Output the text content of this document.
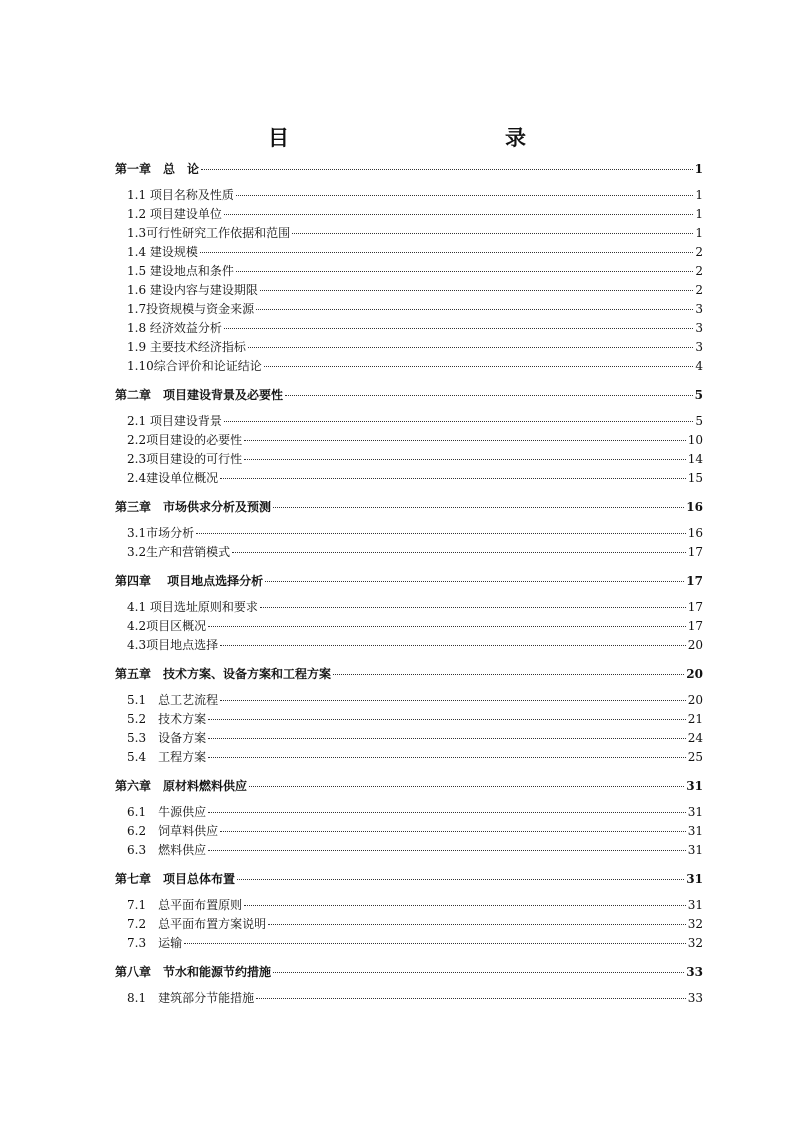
目　　录
第一章　总　论	1
1.1 项目名称及性质	1
1.2 项目建设单位	1
1.3可行性研究工作依据和范围	1
1.4 建设规模	2
1.5 建设地点和条件	2
1.6 建设内容与建设期限	2
1.7投资规模与资金来源	3
1.8 经济效益分析	3
1.9 主要技术经济指标	3
1.10综合评价和论证结论	4
第二章　项目建设背景及必要性	5
2.1 项目建设背景	5
2.2项目建设的必要性	10
2.3项目建设的可行性	14
2.4建设单位概况	15
第三章　市场供求分析及预测	16
3.1市场分析	16
3.2生产和营销模式	17
第四章　 项目地点选择分析	17
4.1 项目选址原则和要求	17
4.2项目区概况	17
4.3项目地点选择	20
第五章　技术方案、设备方案和工程方案	20
5.1　总工艺流程	20
5.2　技术方案	21
5.3　设备方案	24
5.4　工程方案	25
第六章　原材料燃料供应	31
6.1　牛源供应	31
6.2　饲草料供应	31
6.3　燃料供应	31
第七章　项目总体布置	31
7.1　总平面布置原则	31
7.2　总平面布置方案说明	32
7.3　运输	32
第八章　节水和能源节约措施	33
8.1　建筑部分节能措施	33
